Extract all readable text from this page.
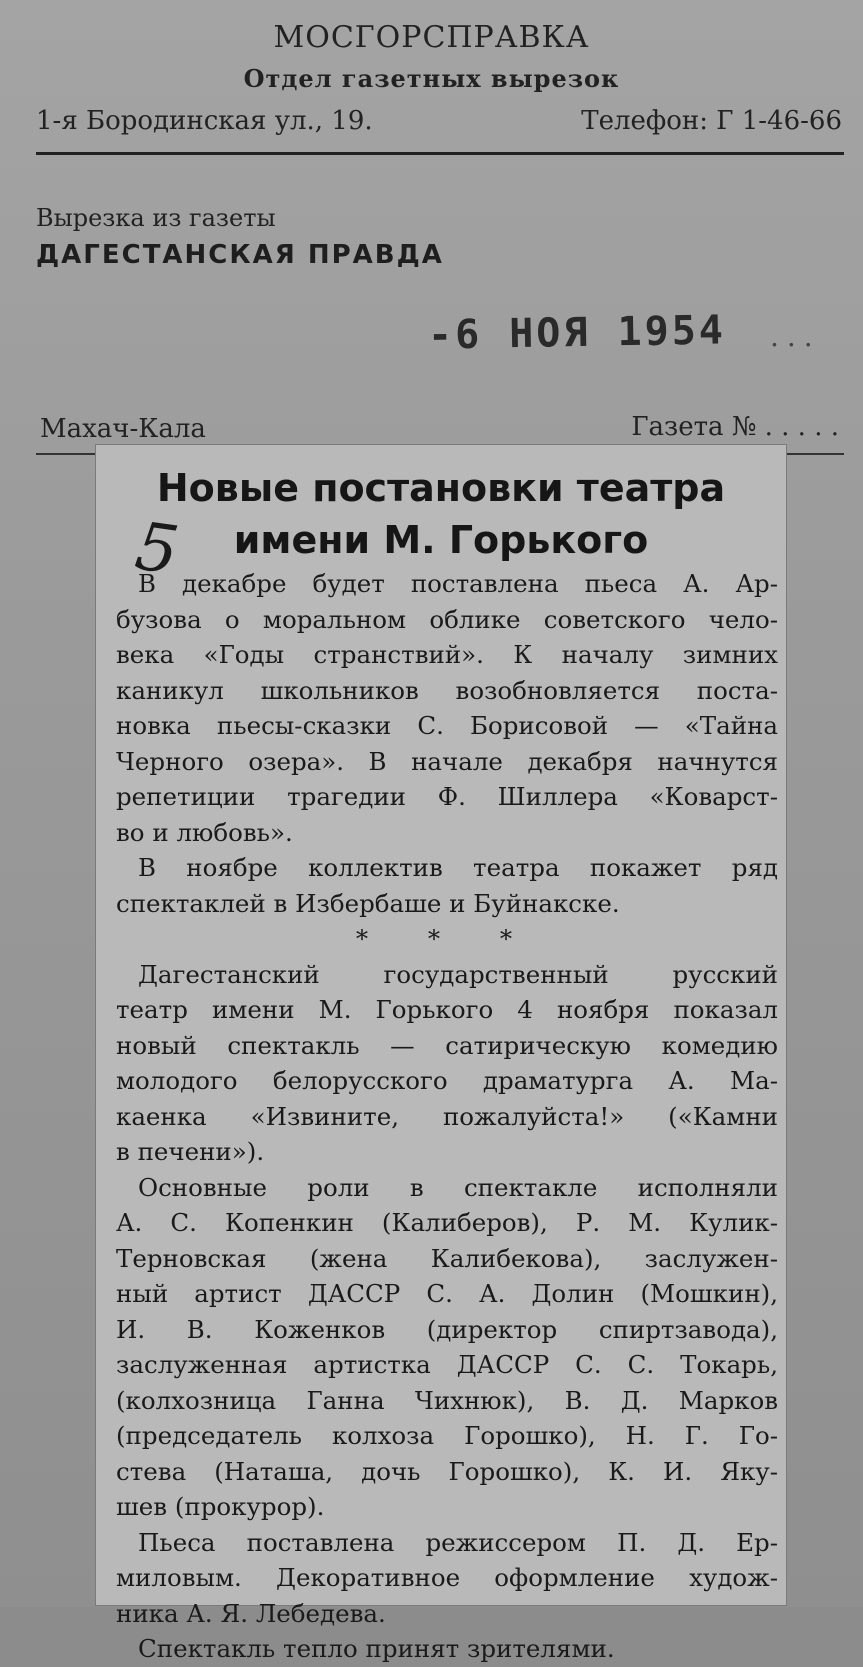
МОСГОРСПРАВКА
Отдел газетных вырезок
1-я Бородинская ул., 19.	Телефон: Г 1-46-66
Вырезка из газеты
ДАГЕСТАНСКАЯ ПРАВДА
-6 НОЯ 1954 ...
Махач-Кала	Газета № . . . . .
Новые постановки театра
имени М. Горького
5
В декабре будет поставлена пьеса А. Ар-
бузова о моральном облике советского чело-
века «Годы странствий». К началу зимних
каникул школьников возобновляется поста-
новка пьесы-сказки С. Борисовой — «Тайна
Черного озера». В начале декабря начнутся
репетиции трагедии Ф. Шиллера «Коварст-
во и любовь».
В ноябре коллектив театра покажет ряд
спектаклей в Избербаше и Буйнакске.
* * *
Дагестанский государственный русский
театр имени М. Горького 4 ноября показал
новый спектакль — сатирическую комедию
молодого белорусского драматурга А. Ма-
каенка «Извините, пожалуйста!» («Камни
в печени»).
Основные роли в спектакле исполняли
А. С. Копенкин (Калиберов), Р. М. Кулик-
Терновская (жена Калибекова), заслужен-
ный артист ДАССР С. А. Долин (Мошкин),
И. В. Коженков (директор спиртзавода),
заслуженная артистка ДАССР С. С. Токарь,
(колхозница Ганна Чихнюк), В. Д. Марков
(председатель колхоза Горошко), Н. Г. Го-
стева (Наташа, дочь Горошко), К. И. Яку-
шев (прокурор).
Пьеса поставлена режиссером П. Д. Ер-
миловым. Декоративное оформление худож-
ника А. Я. Лебедева.
Спектакль тепло принят зрителями.
